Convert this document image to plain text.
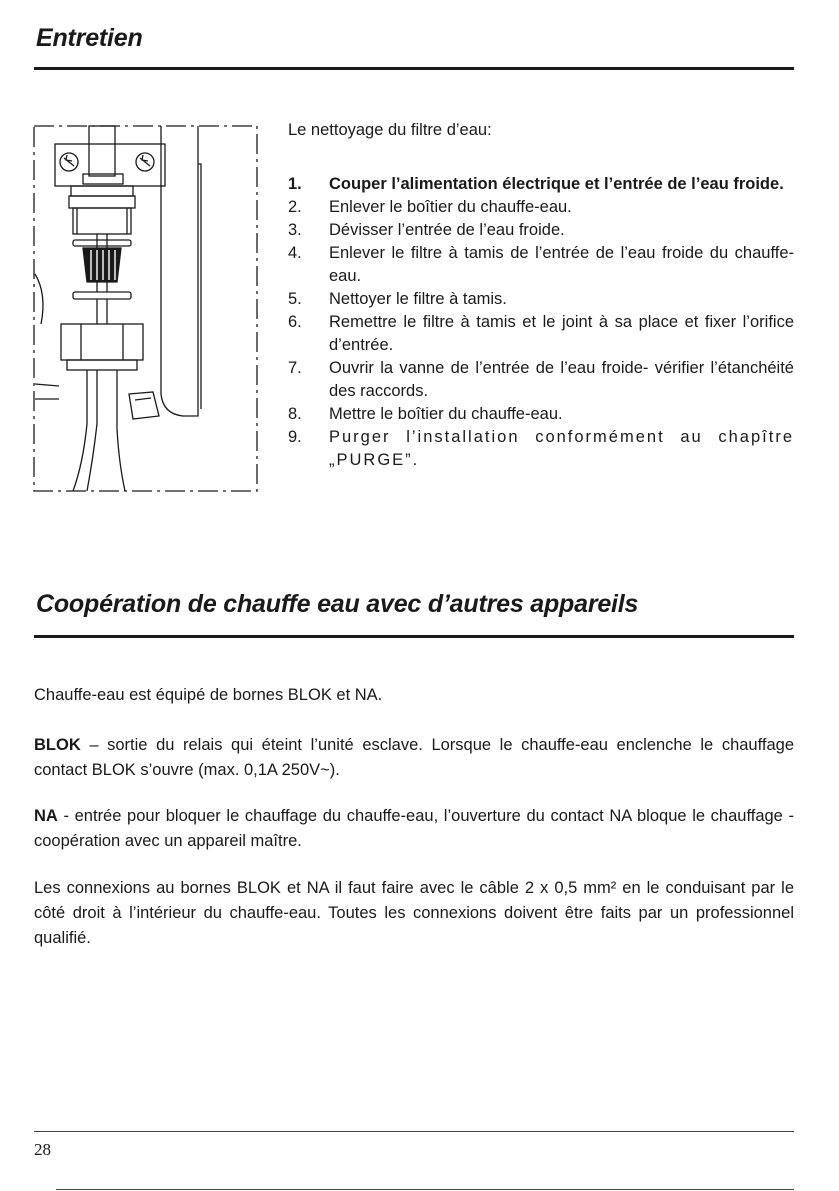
Entretien

Le nettoyage du filtre d’eau:

1.	Couper l’alimentation électrique et l’entrée de l’eau froide.
2.	Enlever le boîtier du chauffe-eau.
3.	Dévisser l’entrée de l’eau froide.
4.	Enlever le filtre à tamis de l’entrée de l’eau froide du chauffe-eau.
5.	Nettoyer le filtre à tamis.
6.	Remettre le filtre à tamis et le joint à sa place et fixer l’orifice d’entrée.
7.	Ouvrir la vanne de l’entrée de l’eau froide- vérifier l’étanchéité des raccords.
8.	Mettre le boîtier du chauffe-eau.
9.	Purger l’installation conformément au chapître „PURGE”.
Coopération de chauffe eau avec d’autres appareils

Chauffe-eau est équipé de bornes BLOK et NA.

BLOK – sortie du relais qui éteint l’unité esclave. Lorsque le chauffe-eau enclenche le chauffage contact BLOK s’ouvre (max. 0,1A 250V~).

NA - entrée pour bloquer le chauffage du chauffe-eau, l’ouverture du contact NA bloque le chauffage - coopération avec un appareil maître.

Les connexions au bornes BLOK et NA il faut faire avec le câble 2 x 0,5 mm² en le conduisant par le côté droit à l’intérieur du chauffe-eau. Toutes les connexions doivent être faits par un professionnel qualifié.

28
